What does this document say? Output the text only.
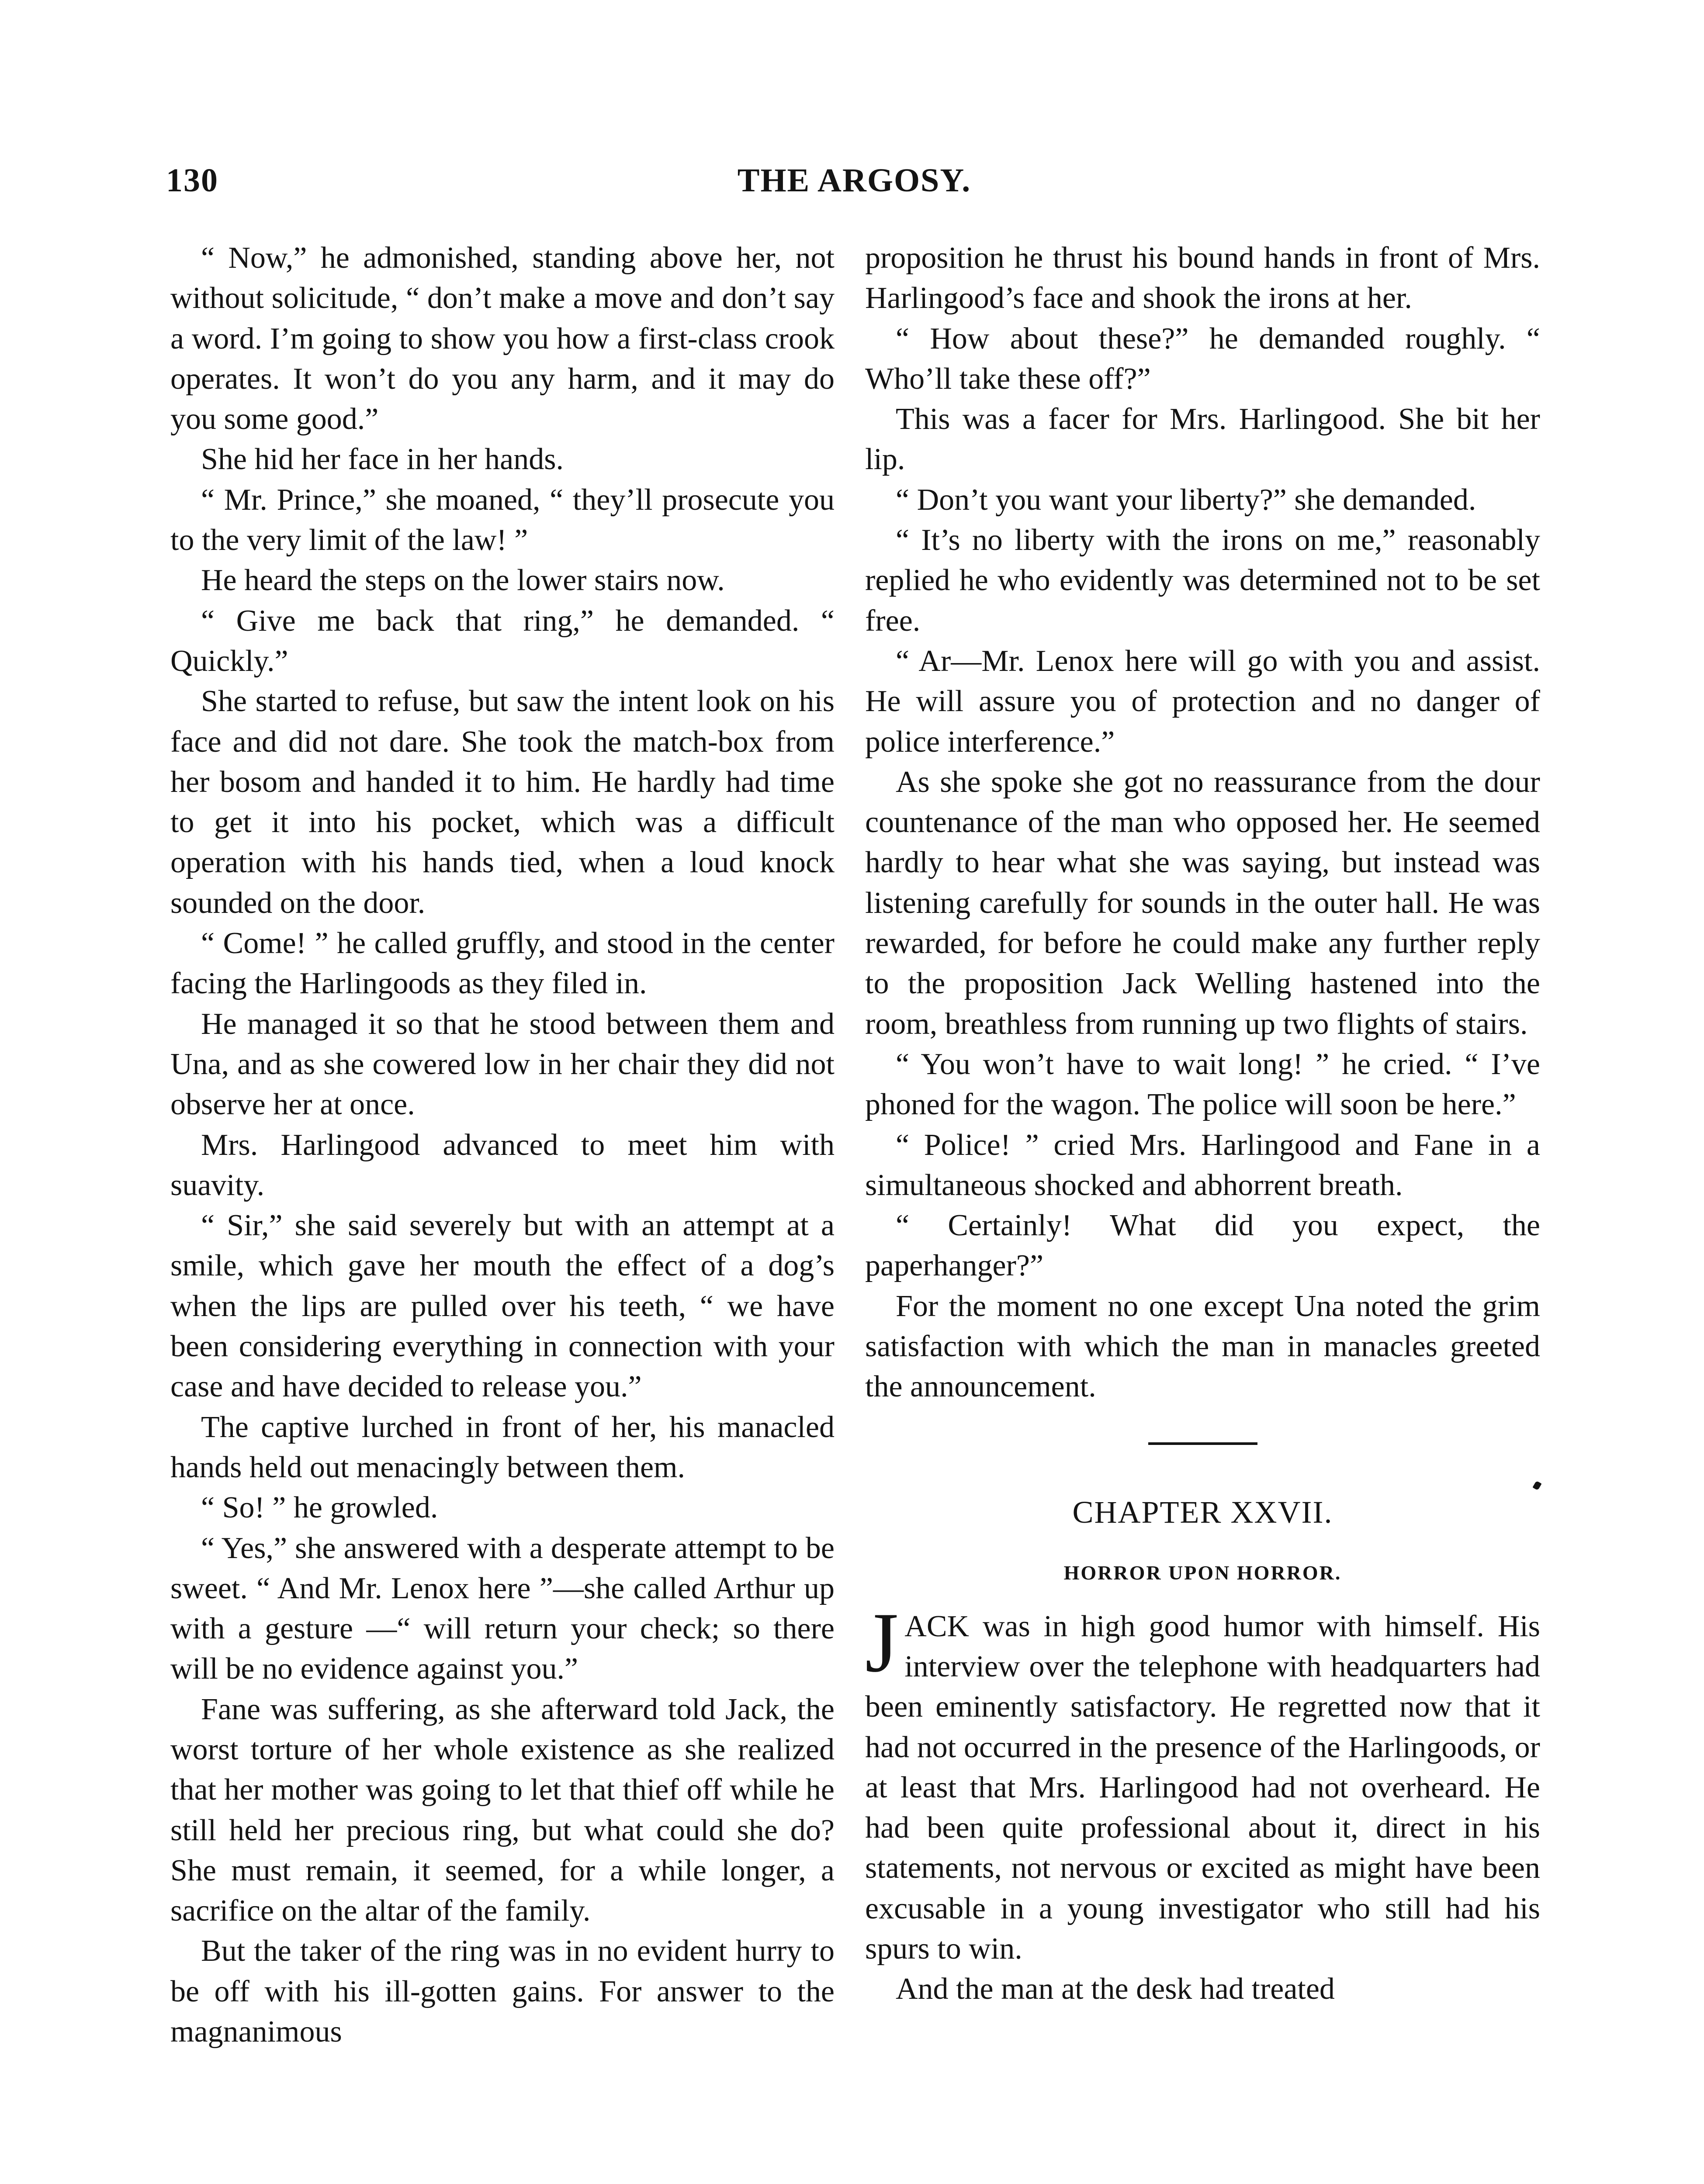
130	THE ARGOSY.

“ Now,” he admonished, standing above her, not without solicitude, “ don’t make a move and don’t say a word. I’m going to show you how a first-class crook operates. It won’t do you any harm, and it may do you some good.”

She hid her face in her hands.

“ Mr. Prince,” she moaned, “ they’ll prosecute you to the very limit of the law! ”

He heard the steps on the lower stairs now.

“ Give me back that ring,” he demanded. “ Quickly.”

She started to refuse, but saw the intent look on his face and did not dare. She took the match-box from her bosom and handed it to him. He hardly had time to get it into his pocket, which was a difficult operation with his hands tied, when a loud knock sounded on the door.

“ Come! ” he called gruffly, and stood in the center facing the Harlingoods as they filed in.

He managed it so that he stood between them and Una, and as she cowered low in her chair they did not observe her at once.

Mrs. Harlingood advanced to meet him with suavity.

“ Sir,” she said severely but with an attempt at a smile, which gave her mouth the effect of a dog’s when the lips are pulled over his teeth, “ we have been considering everything in connection with your case and have decided to release you.”

The captive lurched in front of her, his manacled hands held out menacingly between them.

“ So! ” he growled.

“ Yes,” she answered with a desperate attempt to be sweet. “ And Mr. Lenox here ”—she called Arthur up with a gesture —“ will return your check; so there will be no evidence against you.”

Fane was suffering, as she afterward told Jack, the worst torture of her whole existence as she realized that her mother was going to let that thief off while he still held her precious ring, but what could she do? She must remain, it seemed, for a while longer, a sacrifice on the altar of the family.

But the taker of the ring was in no evident hurry to be off with his ill-gotten gains. For answer to the magnanimous

proposition he thrust his bound hands in front of Mrs. Harlingood’s face and shook the irons at her.

“ How about these?” he demanded roughly. “ Who’ll take these off?”

This was a facer for Mrs. Harlingood. She bit her lip.

“ Don’t you want your liberty?” she demanded.

“ It’s no liberty with the irons on me,” reasonably replied he who evidently was determined not to be set free.

“ Ar—Mr. Lenox here will go with you and assist. He will assure you of protection and no danger of police interference.”

As she spoke she got no reassurance from the dour countenance of the man who opposed her. He seemed hardly to hear what she was saying, but instead was listening carefully for sounds in the outer hall. He was rewarded, for before he could make any further reply to the proposition Jack Welling hastened into the room, breathless from running up two flights of stairs.

“ You won’t have to wait long! ” he cried. “ I’ve phoned for the wagon. The police will soon be here.”

“ Police! ” cried Mrs. Harlingood and Fane in a simultaneous shocked and abhorrent breath.

“ Certainly! What did you expect, the paperhanger?”

For the moment no one except Una noted the grim satisfaction with which the man in manacles greeted the announcement.

CHAPTER XXVII.
HORROR UPON HORROR.

JACK was in high good humor with himself. His interview over the telephone with headquarters had been eminently satisfactory. He regretted now that it had not occurred in the presence of the Harlingoods, or at least that Mrs. Harlingood had not overheard. He had been quite professional about it, direct in his statements, not nervous or excited as might have been excusable in a young investigator who still had his spurs to win.

And the man at the desk had treated
